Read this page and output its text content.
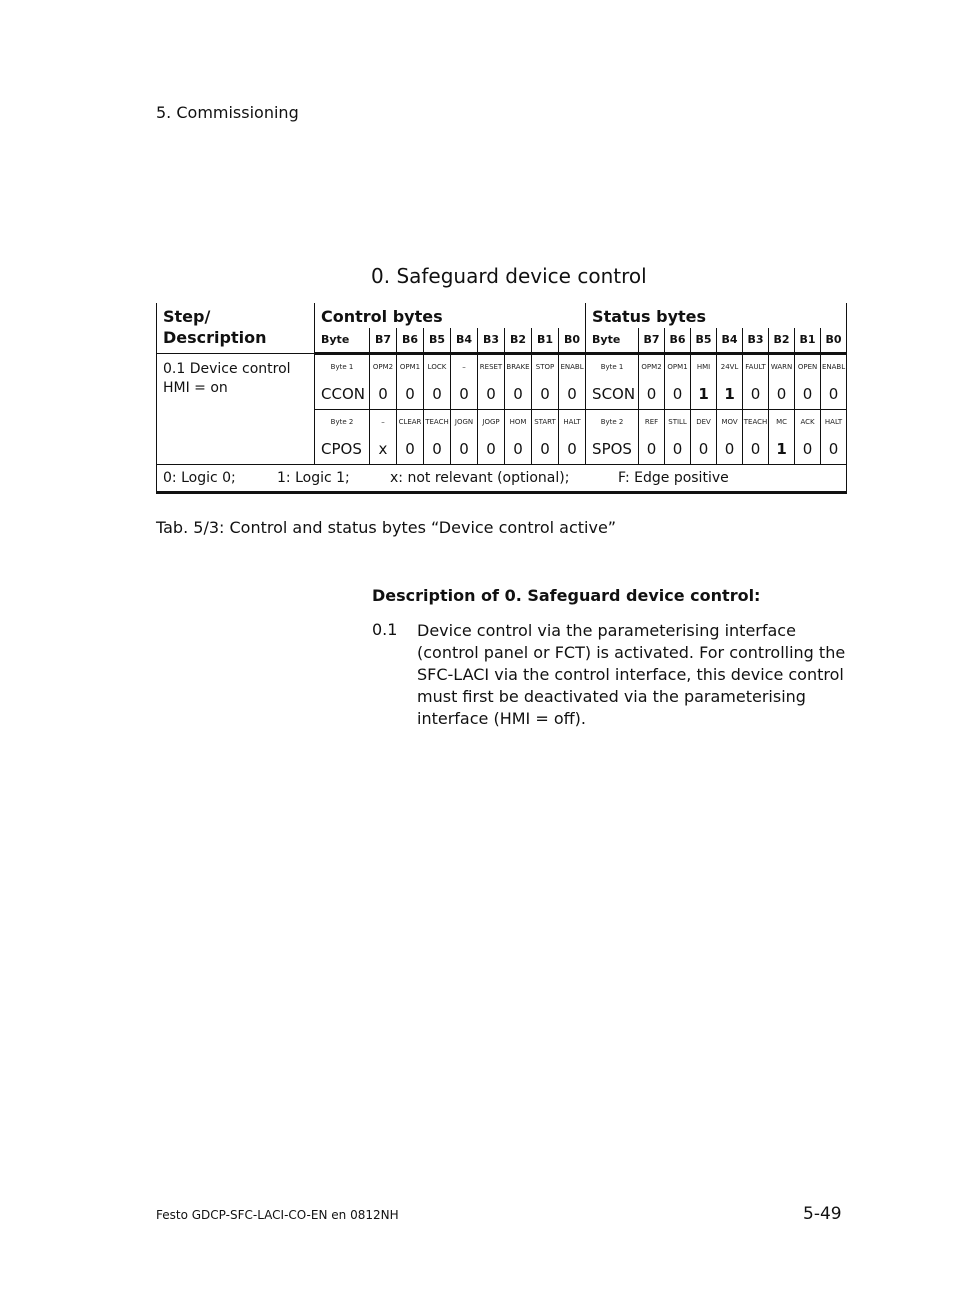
5. Commissioning
0. Safeguard device control
Step/ Description	Control bytes									Status bytes								
	Byte	B7	B6	B5	B4	B3	B2	B1	B0	Byte	B7	B6	B5	B4	B3	B2	B1	B0

0.1 Device control
HMI = on	Byte 1	OPM2	OPM1	LOCK	–	RESET	BRAKE	STOP	ENABL	Byte 1	OPM2	OPM1	HMI	24VL	FAULT	WARN	OPEN	ENABL
	CCON	0	0	0	0	0	0	0	0	SCON	0	0	1	1	0	0	0	0
	Byte 2	–	CLEAR	TEACH	JOGN	JOGP	HOM	START	HALT	Byte 2	REF	STILL	DEV	MOV	TEACH	MC	ACK	HALT
	CPOS	x	0	0	0	0	0	0	0	SPOS	0	0	0	0	0	1	0	0
0: Logic 0; 1: Logic 1; x: not relevant (optional); F: Edge positive																		
Tab. 5/3: Control and status bytes “Device control active”
Description of 0. Safeguard device control:
0.1 Device control via the parameterising interface (control panel or FCT) is activated. For controlling the SFC-LACI via the control interface, this device control must first be deactivated via the parameterising interface (HMI = off).
Festo GDCP-SFC-LACI-CO-EN en 0812NH	5-49
